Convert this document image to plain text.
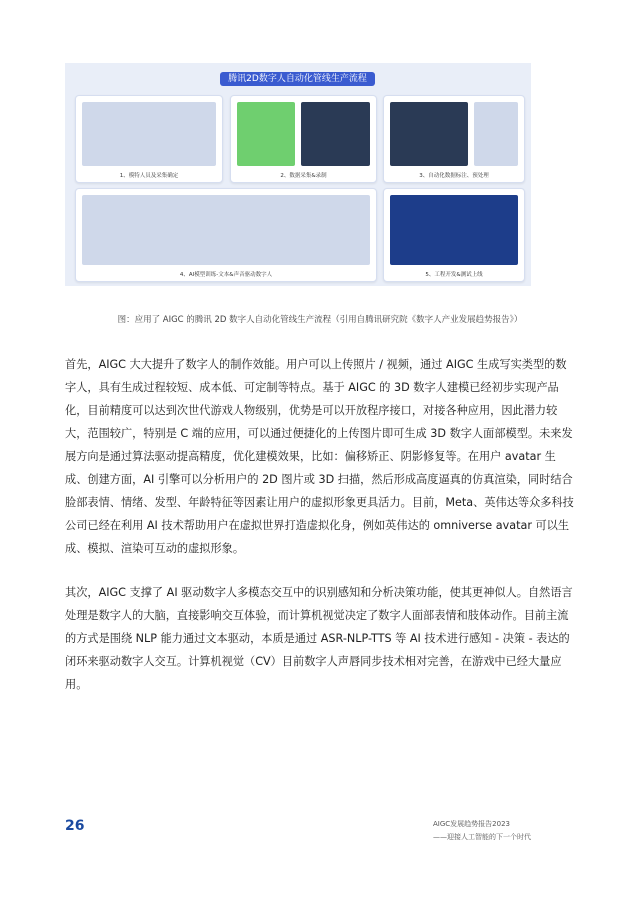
腾讯2D数字人自动化管线生产流程
1、模特人员及采集确定	2、数据采集&录制	3、自动化数据标注、预处理
4、AI模型训练-文本&声音驱动数字人	5、工程开发&测试上线
图：应用了 AIGC 的腾讯 2D 数字人自动化管线生产流程（引用自腾讯研究院《数字人产业发展趋势报告》）

首先，AIGC 大大提升了数字人的制作效能。用户可以上传照片 / 视频，通过 AIGC 生成写实类型的数字人，具有生成过程较短、成本低、可定制等特点。基于 AIGC 的 3D 数字人建模已经初步实现产品化，目前精度可以达到次世代游戏人物级别，优势是可以开放程序接口，对接各种应用，因此潜力较大，范围较广，特别是 C 端的应用，可以通过便捷化的上传图片即可生成 3D 数字人面部模型。未来发展方向是通过算法驱动提高精度，优化建模效果，比如：偏移矫正、阴影修复等。在用户 avatar 生成、创建方面，AI 引擎可以分析用户的 2D 图片或 3D 扫描，然后形成高度逼真的仿真渲染，同时结合脸部表情、情绪、发型、年龄特征等因素让用户的虚拟形象更具活力。目前，Meta、英伟达等众多科技公司已经在利用 AI 技术帮助用户在虚拟世界打造虚拟化身，例如英伟达的 omniverse avatar 可以生成、模拟、渲染可互动的虚拟形象。

其次，AIGC 支撑了 AI 驱动数字人多模态交互中的识别感知和分析决策功能，使其更神似人。自然语言处理是数字人的大脑，直接影响交互体验，而计算机视觉决定了数字人面部表情和肢体动作。目前主流的方式是围绕 NLP 能力通过文本驱动，本质是通过 ASR-NLP-TTS 等 AI 技术进行感知 - 决策 - 表达的闭环来驱动数字人交互。计算机视觉（CV）目前数字人声唇同步技术相对完善，在游戏中已经大量应用。

26	AIGC发展趋势报告2023
——迎接人工智能的下一个时代
